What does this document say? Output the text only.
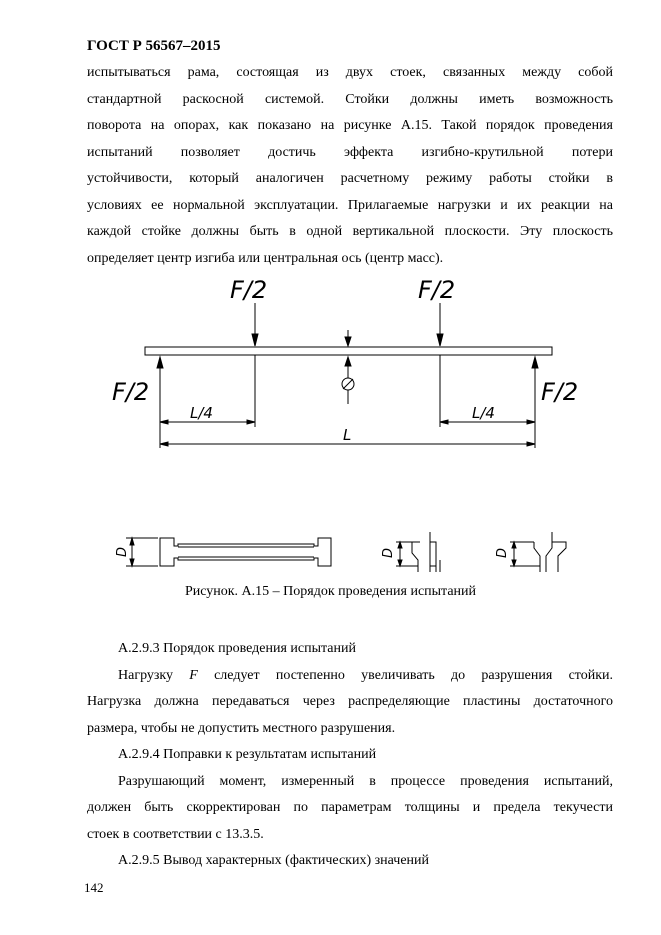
ГОСТ Р 56567–2015
испытываться рама, состоящая из двух стоек, связанных между собой
стандартной раскосной системой. Стойки должны иметь возможность
поворота на опорах, как показано на рисунке А.15. Такой порядок проведения
испытаний позволяет достичь эффекта изгибно-крутильной потери
устойчивости, который аналогичен расчетному режиму работы стойки в
условиях ее нормальной эксплуатации. Прилагаемые нагрузки и их реакции на
каждой стойке должны быть в одной вертикальной плоскости. Эту плоскость
определяет центр изгиба или центральная ось (центр масс).
F/2	F/2
F/2	F/2
L/4	L/4
L
D	D	D
Рисунок. А.15 – Порядок проведения испытаний
А.2.9.3 Порядок проведения испытаний
Нагрузку F следует постепенно увеличивать до разрушения стойки.
Нагрузка должна передаваться через распределяющие пластины достаточного
размера, чтобы не допустить местного разрушения.
А.2.9.4 Поправки к результатам испытаний
Разрушающий момент, измеренный в процессе проведения испытаний,
должен быть скорректирован по параметрам толщины и предела текучести
стоек в соответствии с 13.3.5.
А.2.9.5 Вывод характерных (фактических) значений
142
